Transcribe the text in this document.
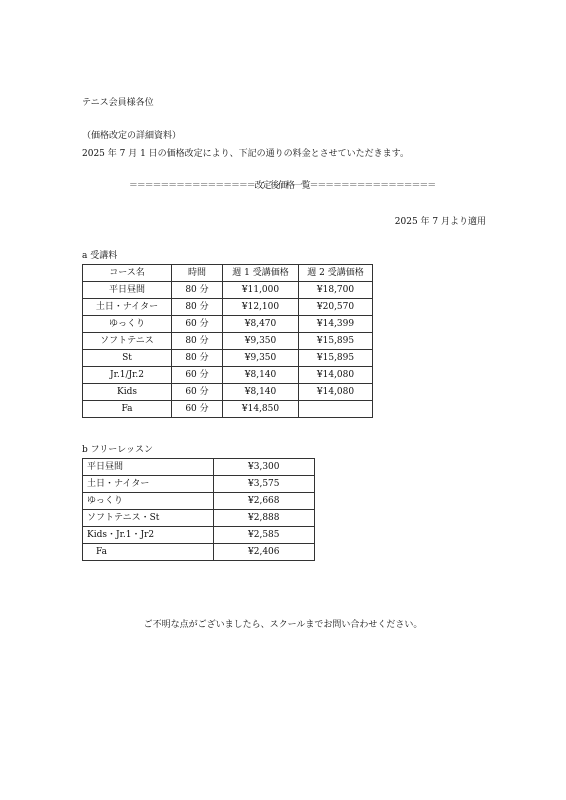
テニス会員様各位
（価格改定の詳細資料）
2025 年 7 月 1 日の価格改定により、下記の通りの料金とさせていただきます。
＝＝＝＝＝＝＝＝＝＝＝＝＝＝＝＝改定後価格一覧＝＝＝＝＝＝＝＝＝＝＝＝＝＝＝＝
2025 年 7 月より適用
a 受講料
コース名	時間	週 1 受講価格	週 2 受講価格
平日昼間	80 分	¥11,000	¥18,700
土日・ナイター	80 分	¥12,100	¥20,570
ゆっくり	60 分	¥8,470	¥14,399
ソフトテニス	80 分	¥9,350	¥15,895
St	80 分	¥9,350	¥15,895
Jr.1/Jr.2	60 分	¥8,140	¥14,080
Kids	60 分	¥8,140	¥14,080
Fa	60 分	¥14,850	
b フリーレッスン
平日昼間	¥3,300
土日・ナイター	¥3,575
ゆっくり	¥2,668
ソフトテニス・St	¥2,888
Kids・Jr.1・Jr2	¥2,585
　Fa	¥2,406
ご不明な点がございましたら、スクールまでお問い合わせください。
